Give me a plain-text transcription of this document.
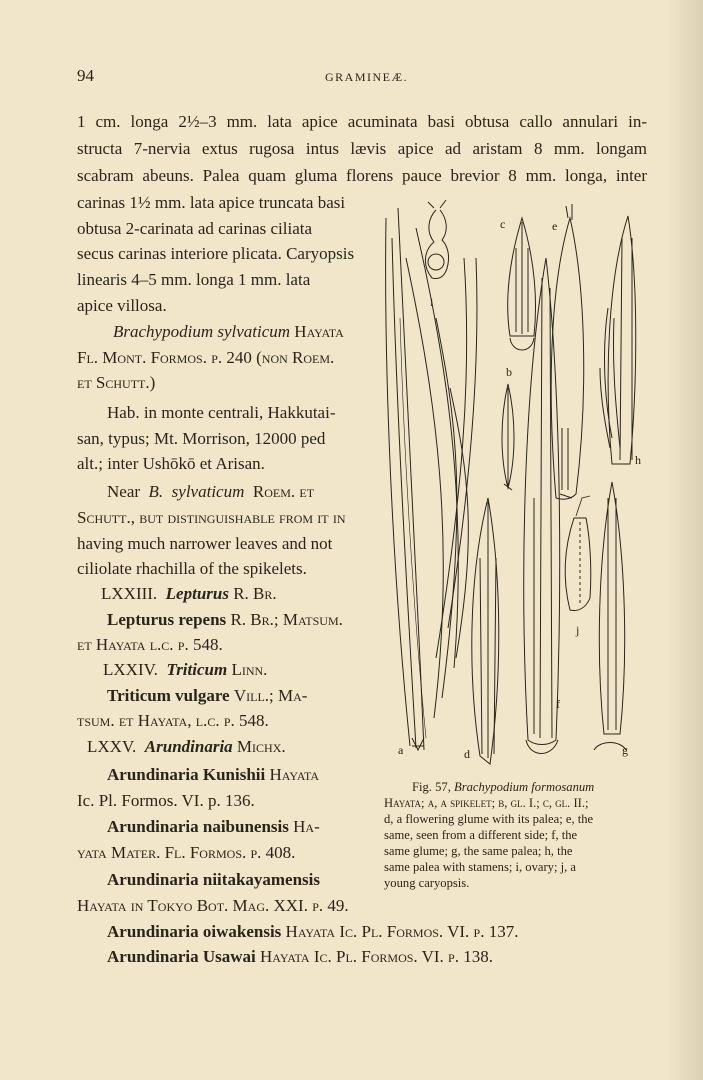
94	GRAMINEÆ.
1 cm. longa 2½–3 mm. lata apice acuminata basi obtusa callo annulari in-
structa 7-nervia extus rugosa intus lævis apice ad aristam 8 mm. longam
scabram abeuns. Palea quam gluma florens pauce brevior 8 mm. longa, inter
carinas 1½ mm. lata apice truncata basi
obtusa 2-carinata ad carinas ciliata
secus carinas interiore plicata. Caryopsis
linearis 4–5 mm. longa 1 mm. lata
apice villosa.
Brachypodium sylvaticum Hayata
Fl. Mont. Formos. p. 240 (non Roem.
et Schutt.)
Hab. in monte centrali, Hakkutai-
san, typus; Mt. Morrison, 12000 ped
alt.; inter Ushōkō et Arisan.
Near B. sylvaticum Roem. et
Schutt., but distinguishable from it in
having much narrower leaves and not
ciliolate rhachilla of the spikelets.
LXXIII. Lepturus R. Br.
Lepturus repens R. Br.; Matsum.
et Hayata l.c. p. 548.
LXXIV. Triticum Linn.
Triticum vulgare Vill.; Ma-
tsum. et Hayata, l.c. p. 548.
LXXV. Arundinaria Michx.
Arundinaria Kunishii Hayata
Ic. Pl. Formos. VI. p. 136.
Arundinaria naibunensis Ha-
yata Mater. Fl. Formos. p. 408.
Arundinaria niitakayamensis
Hayata in Tokyo Bot. Mag. XXI. p. 49.
Arundinaria oiwakensis Hayata Ic. Pl. Formos. VI. p. 137.
Arundinaria Usawai Hayata Ic. Pl. Formos. VI. p. 138.
i
c
b
e
h
j
f
a	d	g
Fig. 57, Brachypodium formosanum
Hayata; a, a spikelet; b, gl. I.; c, gl. II.;
d, a flowering glume with its palea; e, the
same, seen from a different side; f, the
same glume; g, the same palea; h, the
same palea with stamens; i, ovary; j, a
young caryopsis.
